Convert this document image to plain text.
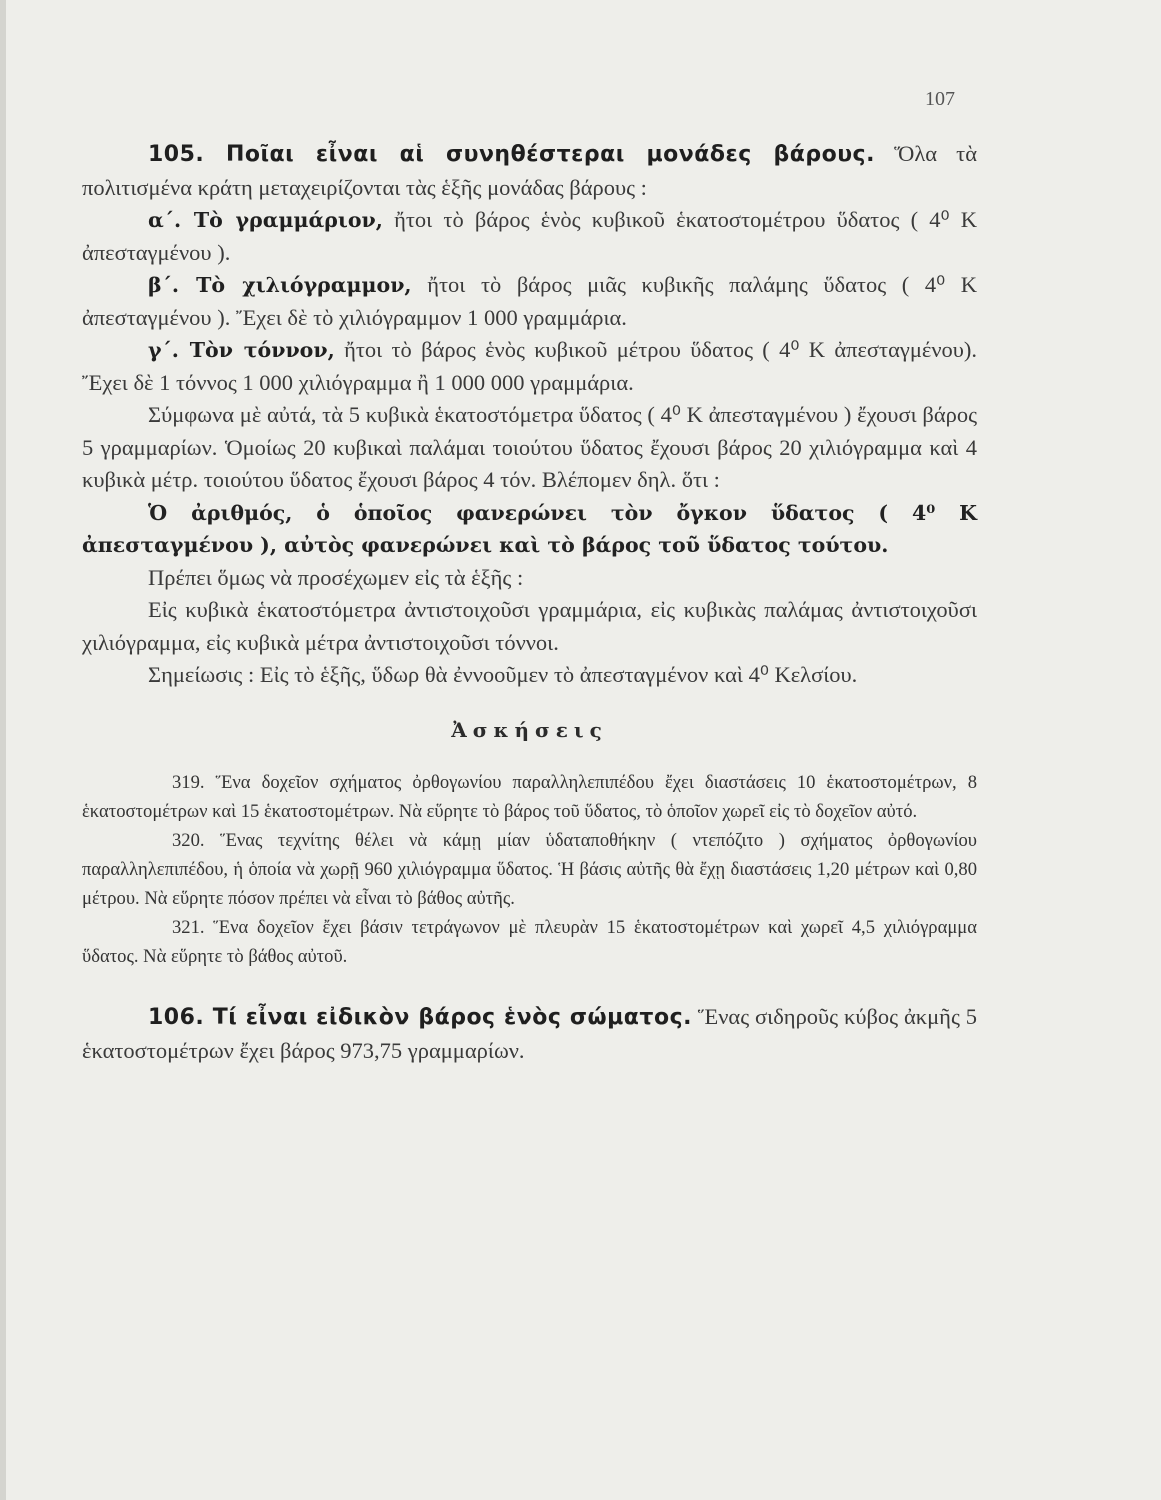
107

105. Ποῖαι εἶναι αἱ συνηθέστεραι μονάδες βάρους. Ὅλα τὰ πολιτισμένα κράτη μεταχειρίζονται τὰς ἑξῆς μονάδας βάρους :

α΄. Τὸ γραμμάριον, ἤτοι τὸ βάρος ἑνὸς κυβικοῦ ἑκατοστομέτρου ὕδατος ( 4⁰ Κ ἀπεσταγμένου ).

β΄. Τὸ χιλιόγραμμον, ἤτοι τὸ βάρος μιᾶς κυβικῆς παλάμης ὕδατος ( 4⁰ Κ ἀπεσταγμένου ). Ἔχει δὲ τὸ χιλιόγραμμον 1 000 γραμμάρια.

γ΄. Τὸν τόννον, ἤτοι τὸ βάρος ἑνὸς κυβικοῦ μέτρου ὕδατος ( 4⁰ Κ ἀπεσταγμένου). Ἔχει δὲ 1 τόννος 1 000 χιλιόγραμμα ἢ 1 000 000 γραμμάρια.

Σύμφωνα μὲ αὐτά, τὰ 5 κυβικὰ ἑκατοστόμετρα ὕδατος ( 4⁰ Κ ἀπεσταγμένου ) ἔχουσι βάρος 5 γραμμαρίων. Ὁμοίως 20 κυβικαὶ παλάμαι τοιούτου ὕδατος ἔχουσι βάρος 20 χιλιόγραμμα καὶ 4 κυβικὰ μέτρ. τοιούτου ὕδατος ἔχουσι βάρος 4 τόν. Βλέπομεν δηλ. ὅτι :

Ὁ ἀριθμός, ὁ ὁποῖος φανερώνει τὸν ὄγκον ὕδατος ( 4⁰ Κ ἀπεσταγμένου ), αὐτὸς φανερώνει καὶ τὸ βάρος τοῦ ὕδατος τούτου.

Πρέπει ὅμως νὰ προσέχωμεν εἰς τὰ ἑξῆς :

Εἰς κυβικὰ ἑκατοστόμετρα ἀντιστοιχοῦσι γραμμάρια, εἰς κυβικὰς παλάμας ἀντιστοιχοῦσι χιλιόγραμμα, εἰς κυβικὰ μέτρα ἀντιστοιχοῦσι τόννοι.

Σημείωσις : Εἰς τὸ ἑξῆς, ὕδωρ θὰ ἐννοοῦμεν τὸ ἀπεσταγμένον καὶ 4⁰ Κελσίου.

Ἀσκήσεις

319. Ἕνα δοχεῖον σχήματος ὀρθογωνίου παραλληλεπιπέδου ἔχει διαστάσεις 10 ἑκατοστομέτρων, 8 ἑκατοστομέτρων καὶ 15 ἑκατοστομέτρων. Νὰ εὕρητε τὸ βάρος τοῦ ὕδατος, τὸ ὁποῖον χωρεῖ εἰς τὸ δοχεῖον αὐτό.

320. Ἕνας τεχνίτης θέλει νὰ κάμῃ μίαν ὑδαταποθήκην ( ντεπόζιτο ) σχήματος ὀρθογωνίου παραλληλεπιπέδου, ἡ ὁποία νὰ χωρῇ 960 χιλιόγραμμα ὕδατος. Ἡ βάσις αὐτῆς θὰ ἔχῃ διαστάσεις 1,20 μέτρων καὶ 0,80 μέτρου. Νὰ εὕρητε πόσον πρέπει νὰ εἶναι τὸ βάθος αὐτῆς.

321. Ἕνα δοχεῖον ἔχει βάσιν τετράγωνον μὲ πλευρὰν 15 ἑκατοστομέτρων καὶ χωρεῖ 4,5 χιλιόγραμμα ὕδατος. Νὰ εὕρητε τὸ βάθος αὐτοῦ.

106. Τί εἶναι εἰδικὸν βάρος ἑνὸς σώματος. Ἕνας σιδηροῦς κύβος ἀκμῆς 5 ἑκατοστομέτρων ἔχει βάρος 973,75 γραμμαρίων.
